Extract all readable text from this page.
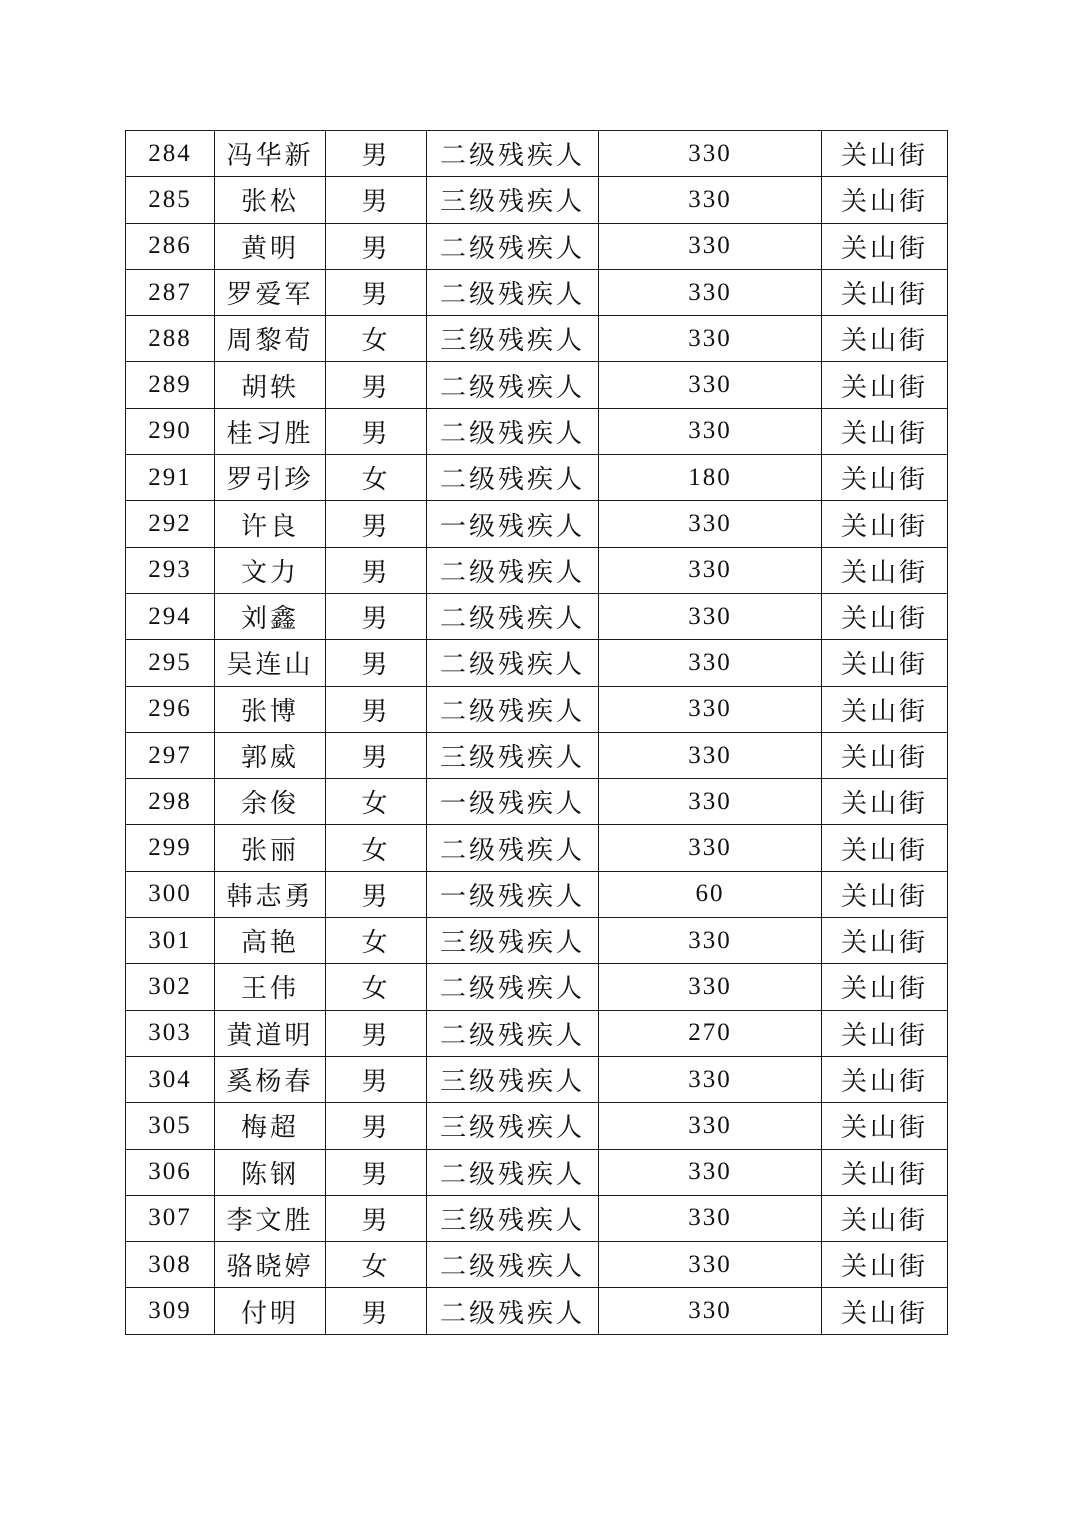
284	冯华新	男	二级残疾人	330	关山街
285	张松	男	三级残疾人	330	关山街
286	黄明	男	二级残疾人	330	关山街
287	罗爱军	男	二级残疾人	330	关山街
288	周黎荀	女	三级残疾人	330	关山街
289	胡轶	男	二级残疾人	330	关山街
290	桂习胜	男	二级残疾人	330	关山街
291	罗引珍	女	二级残疾人	180	关山街
292	许良	男	一级残疾人	330	关山街
293	文力	男	二级残疾人	330	关山街
294	刘鑫	男	二级残疾人	330	关山街
295	吴连山	男	二级残疾人	330	关山街
296	张博	男	二级残疾人	330	关山街
297	郭威	男	三级残疾人	330	关山街
298	余俊	女	一级残疾人	330	关山街
299	张丽	女	二级残疾人	330	关山街
300	韩志勇	男	一级残疾人	60	关山街
301	高艳	女	三级残疾人	330	关山街
302	王伟	女	二级残疾人	330	关山街
303	黄道明	男	二级残疾人	270	关山街
304	奚杨春	男	三级残疾人	330	关山街
305	梅超	男	三级残疾人	330	关山街
306	陈钢	男	二级残疾人	330	关山街
307	李文胜	男	三级残疾人	330	关山街
308	骆晓婷	女	二级残疾人	330	关山街
309	付明	男	二级残疾人	330	关山街
